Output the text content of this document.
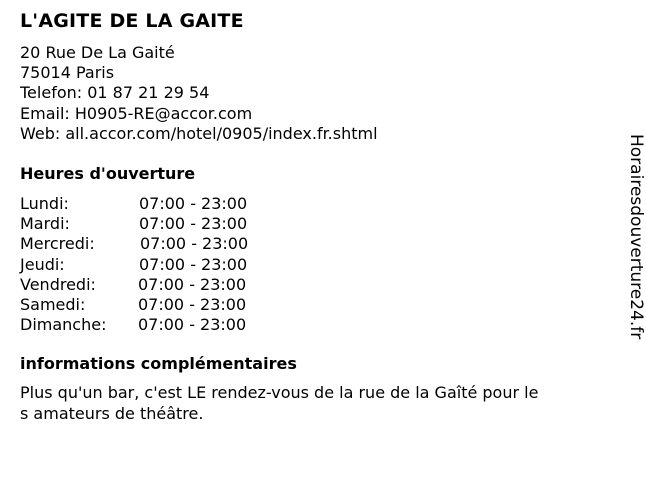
L'AGITE DE LA GAITE
20 Rue De La Gaité
75014 Paris
Telefon: 01 87 21 29 54
Email: H0905-RE@accor.com
Web: all.accor.com/hotel/0905/index.fr.shtml
Heures d'ouverture
Lundi:	07:00 - 23:00
Mardi:	07:00 - 23:00
Mercredi:	07:00 - 23:00
Jeudi:	07:00 - 23:00
Vendredi:	07:00 - 23:00
Samedi:	07:00 - 23:00
Dimanche: 07:00 - 23:00
informations complémentaires
Plus qu'un bar, c'est LE rendez-vous de la rue de la Gaîté pour les amateurs de théâtre.
Horairesdouverture24.fr
